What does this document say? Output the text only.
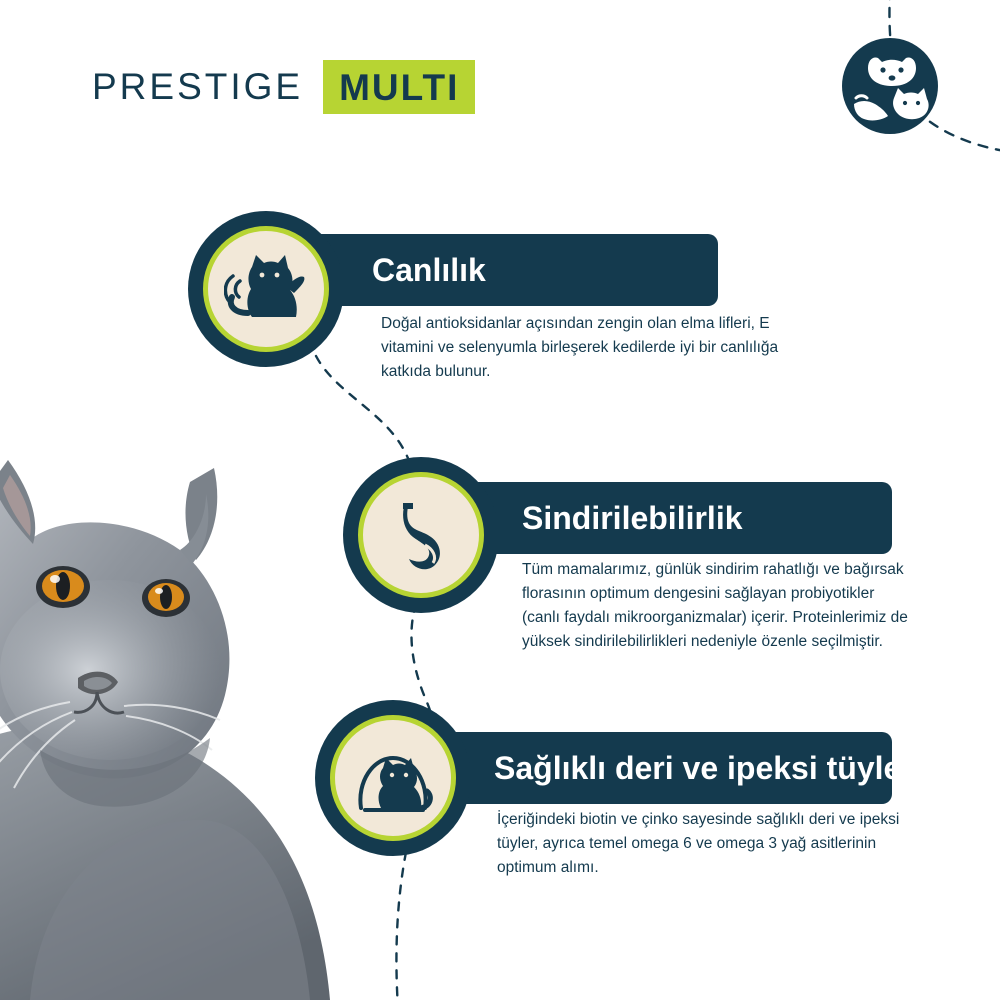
PRESTIGE MULTI
Canlılık

Doğal antioksidanlar açısından zengin olan elma lifleri, E vitamini ve selenyumla birleşerek kedilerde iyi bir canlılığa katkıda bulunur.

Sindirilebilirlik

Tüm mamalarımız, günlük sindirim rahatlığı ve bağırsak florasının optimum dengesini sağlayan probiyotikler (canlı faydalı mikroorganizmalar) içerir. Proteinlerimiz de yüksek sindirilebilirlikleri nedeniyle özenle seçilmiştir.

Sağlıklı deri ve ipeksi tüyler

İçeriğindeki biotin ve çinko sayesinde sağlıklı deri ve ipeksi tüyler, ayrıca temel omega 6 ve omega 3 yağ asitlerinin optimum alımı.
